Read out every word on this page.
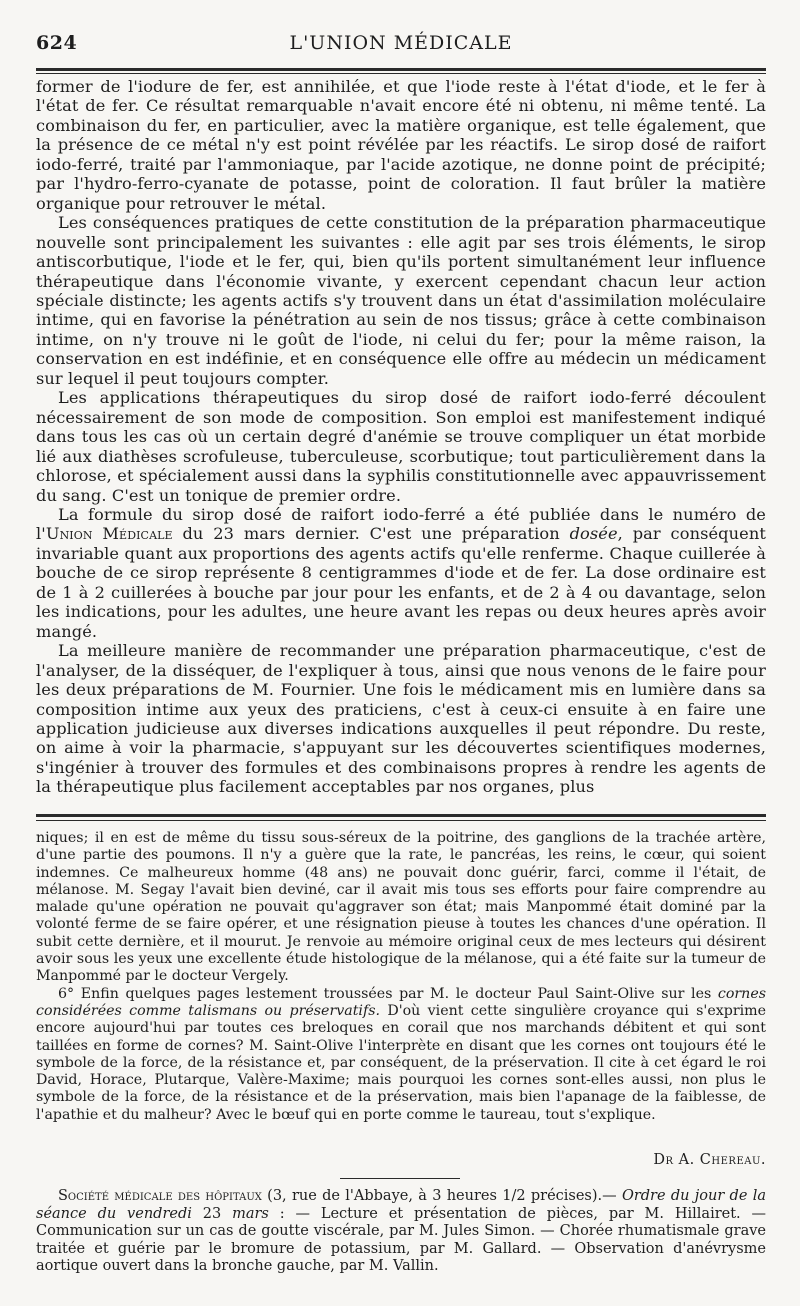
624	L'UNION MÉDICALE

former de l'iodure de fer, est annihilée, et que l'iode reste à l'état d'iode, et le fer à l'état de fer. Ce résultat remarquable n'avait encore été ni obtenu, ni même tenté. La combinaison du fer, en particulier, avec la matière organique, est telle également, que la présence de ce métal n'y est point révélée par les réactifs. Le sirop dosé de raifort iodo-ferré, traité par l'ammoniaque, par l'acide azotique, ne donne point de précipité; par l'hydro-ferro-cyanate de potasse, point de coloration. Il faut brûler la matière organique pour retrouver le métal.

Les conséquences pratiques de cette constitution de la préparation pharmaceutique nouvelle sont principalement les suivantes : elle agit par ses trois éléments, le sirop antiscorbutique, l'iode et le fer, qui, bien qu'ils portent simultanément leur influence thérapeutique dans l'économie vivante, y exercent cependant chacun leur action spéciale distincte; les agents actifs s'y trouvent dans un état d'assimilation moléculaire intime, qui en favorise la pénétration au sein de nos tissus; grâce à cette combinaison intime, on n'y trouve ni le goût de l'iode, ni celui du fer; pour la même raison, la conservation en est indéfinie, et en conséquence elle offre au médecin un médicament sur lequel il peut toujours compter.

Les applications thérapeutiques du sirop dosé de raifort iodo-ferré découlent nécessairement de son mode de composition. Son emploi est manifestement indiqué dans tous les cas où un certain degré d'anémie se trouve compliquer un état morbide lié aux diathèses scrofuleuse, tuberculeuse, scorbutique; tout particulièrement dans la chlorose, et spécialement aussi dans la syphilis constitutionnelle avec appauvrissement du sang. C'est un tonique de premier ordre.

La formule du sirop dosé de raifort iodo-ferré a été publiée dans le numéro de l'Union Médicale du 23 mars dernier. C'est une préparation dosée, par conséquent invariable quant aux proportions des agents actifs qu'elle renferme. Chaque cuillerée à bouche de ce sirop représente 8 centigrammes d'iode et de fer. La dose ordinaire est de 1 à 2 cuillerées à bouche par jour pour les enfants, et de 2 à 4 ou davantage, selon les indications, pour les adultes, une heure avant les repas ou deux heures après avoir mangé.

La meilleure manière de recommander une préparation pharmaceutique, c'est de l'analyser, de la disséquer, de l'expliquer à tous, ainsi que nous venons de le faire pour les deux préparations de M. Fournier. Une fois le médicament mis en lumière dans sa composition intime aux yeux des praticiens, c'est à ceux-ci ensuite à en faire une application judicieuse aux diverses indications auxquelles il peut répondre. Du reste, on aime à voir la pharmacie, s'appuyant sur les découvertes scientifiques modernes, s'ingénier à trouver des formules et des combinaisons propres à rendre les agents de la thérapeutique plus facilement acceptables par nos organes, plus

niques; il en est de même du tissu sous-séreux de la poitrine, des ganglions de la trachée artère, d'une partie des poumons. Il n'y a guère que la rate, le pancréas, les reins, le cœur, qui soient indemnes. Ce malheureux homme (48 ans) ne pouvait donc guérir, farci, comme il l'était, de mélanose. M. Segay l'avait bien deviné, car il avait mis tous ses efforts pour faire comprendre au malade qu'une opération ne pouvait qu'aggraver son état; mais Manpommé était dominé par la volonté ferme de se faire opérer, et une résignation pieuse à toutes les chances d'une opération. Il subit cette dernière, et il mourut. Je renvoie au mémoire original ceux de mes lecteurs qui désirent avoir sous les yeux une excellente étude histologique de la mélanose, qui a été faite sur la tumeur de Manpommé par le docteur Vergely.

6° Enfin quelques pages lestement troussées par M. le docteur Paul Saint-Olive sur les cornes considérées comme talismans ou préservatifs. D'où vient cette singulière croyance qui s'exprime encore aujourd'hui par toutes ces breloques en corail que nos marchands débitent et qui sont taillées en forme de cornes? M. Saint-Olive l'interprète en disant que les cornes ont toujours été le symbole de la force, de la résistance et, par conséquent, de la préservation. Il cite à cet égard le roi David, Horace, Plutarque, Valère-Maxime; mais pourquoi les cornes sont-elles aussi, non plus le symbole de la force, de la résistance et de la préservation, mais bien l'apanage de la faiblesse, de l'apathie et du malheur? Avec le bœuf qui en porte comme le taureau, tout s'explique.

Dr A. Chereau.

Société médicale des hôpitaux (3, rue de l'Abbaye, à 3 heures 1/2 précises).— Ordre du jour de la séance du vendredi 23 mars : — Lecture et présentation de pièces, par M. Hillairet. — Communication sur un cas de goutte viscérale, par M. Jules Simon. — Chorée rhumatismale grave traitée et guérie par le bromure de potassium, par M. Gallard. — Observation d'anévrysme aortique ouvert dans la bronche gauche, par M. Vallin.
